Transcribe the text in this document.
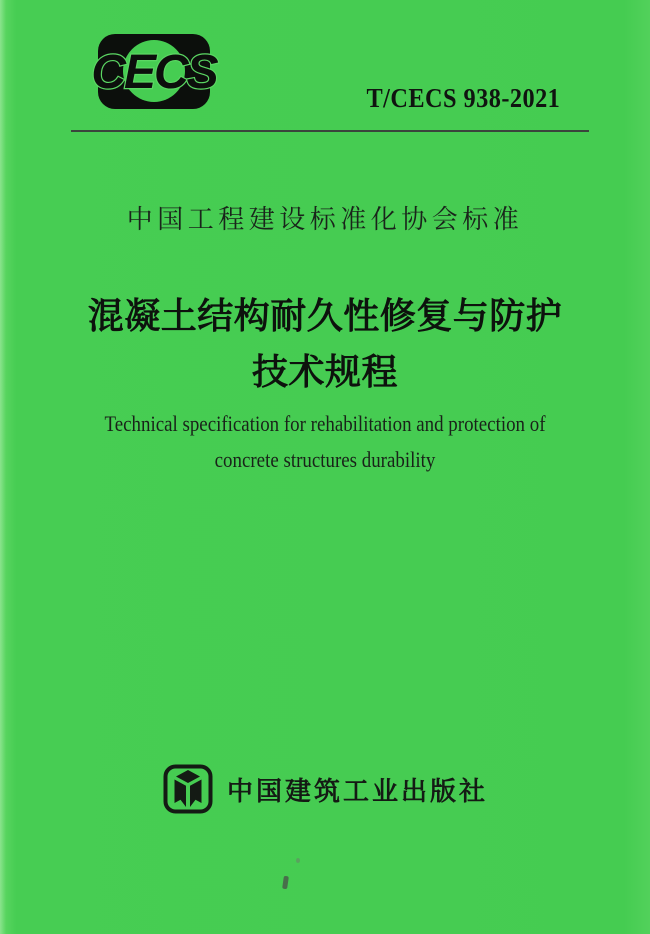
CECS	T/CECS 938-2021
中国工程建设标准化协会标准
混凝土结构耐久性修复与防护
技术规程
Technical specification for rehabilitation and protection of
concrete structures durability
中国建筑工业出版社
